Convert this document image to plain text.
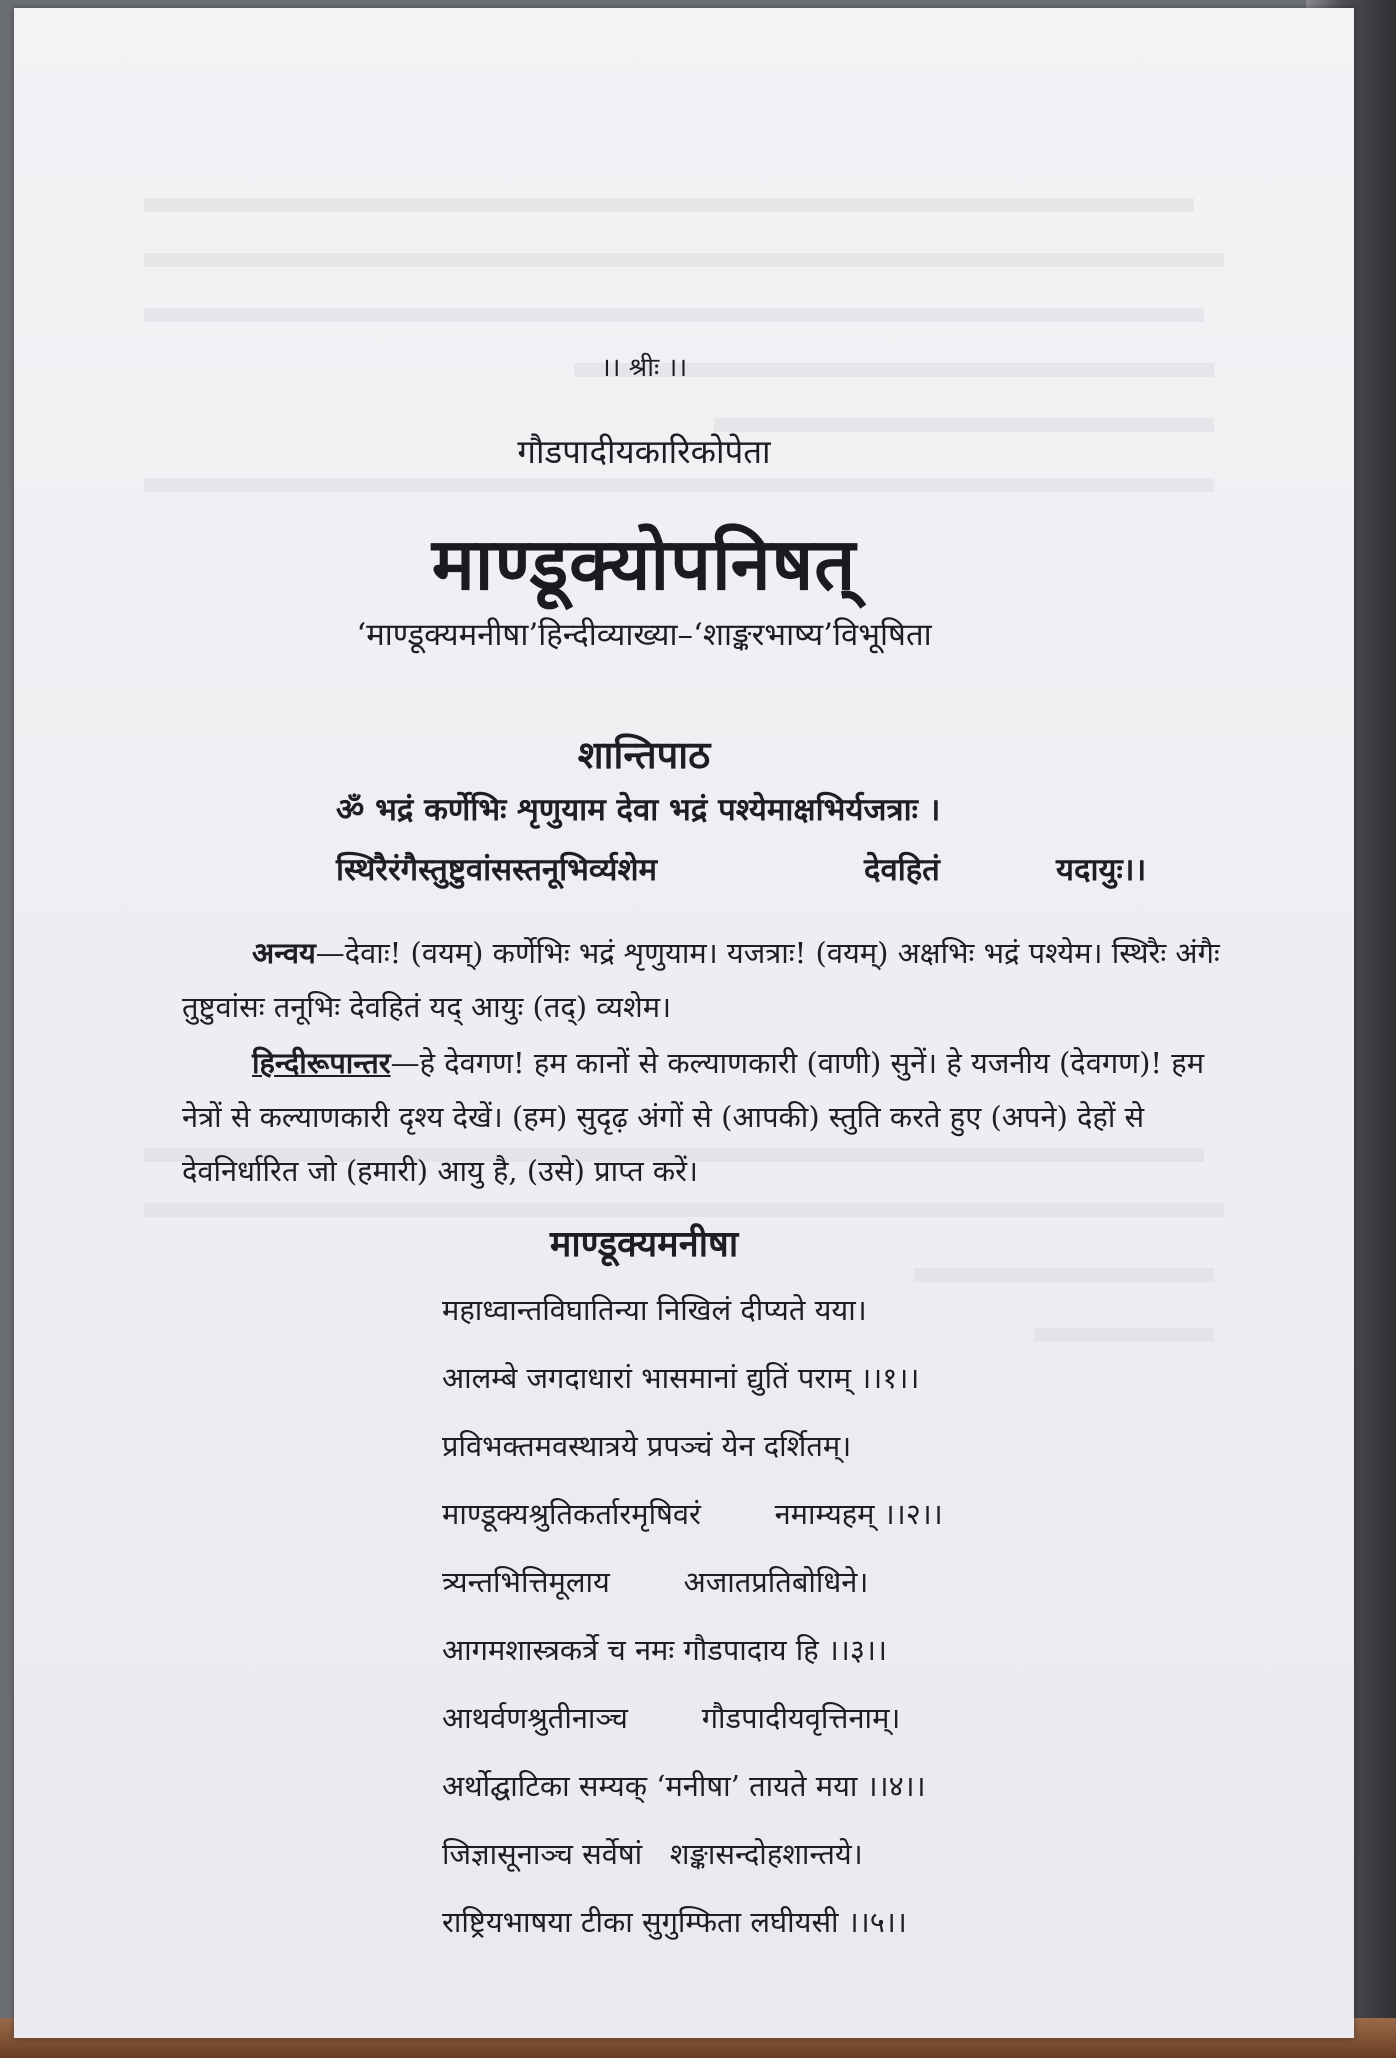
।। श्रीः ।।
गौडपादीयकारिकोपेता
माण्डूक्योपनिषत्
‘माण्डूक्यमनीषा’हिन्दीव्याख्या–‘शाङ्करभाष्य’विभूषिता
शान्तिपाठ
ॐ भद्रं कर्णेभिः शृणुयाम देवा भद्रं पश्येमाक्षभिर्यजत्राः ।
स्थिरैरंगैस्तुष्टुवांसस्तनूभिर्व्यशेम	देवहितं	यदायुः।।
अन्वय—देवाः! (वयम्) कर्णेभिः भद्रं शृणुयाम। यजत्राः! (वयम्) अक्षभिः भद्रं पश्येम। स्थिरैः अंगैः तुष्टुवांसः तनूभिः देवहितं यद् आयुः (तद्) व्यशेम।
हिन्दीरूपान्तर—हे देवगण! हम कानों से कल्याणकारी (वाणी) सुनें। हे यजनीय (देवगण)! हम नेत्रों से कल्याणकारी दृश्य देखें। (हम) सुदृढ़ अंगों से (आपकी) स्तुति करते हुए (अपने) देहों से देवनिर्धारित जो (हमारी) आयु है, (उसे) प्राप्त करें।
माण्डूक्यमनीषा
महाध्वान्तविघातिन्या निखिलं दीप्यते यया।
आलम्बे जगदाधारां भासमानां द्युतिं पराम् ।।१।।
प्रविभक्तमवस्थात्रये प्रपञ्चं येन दर्शितम्।
माण्डूक्यश्रुतिकर्तारमृषिवरं        नमाम्यहम् ।।२।।
त्र्यन्तभित्तिमूलाय        अजातप्रतिबोधिने।
आगमशास्त्रकर्त्रे च नमः गौडपादाय हि ।।३।।
आथर्वणश्रुतीनाञ्च        गौडपादीयवृत्तिनाम्।
अर्थोद्घाटिका सम्यक् ‘मनीषा’ तायते मया ।।४।।
जिज्ञासूनाञ्च सर्वेषां   शङ्कासन्दोहशान्तये।
राष्ट्रियभाषया टीका सुगुम्फिता लघीयसी ।।५।।
